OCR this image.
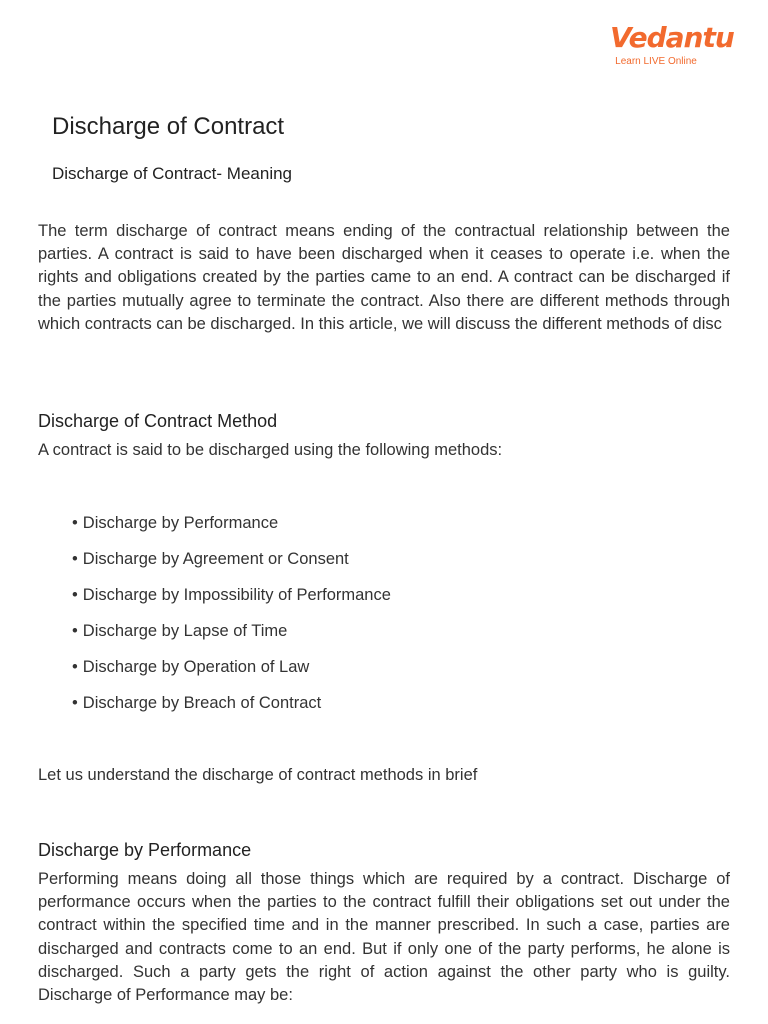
Vedantu
Learn LIVE Online
Discharge of Contract
Discharge of Contract- Meaning

The term discharge of contract means ending of the contractual relationship between the parties. A contract is said to have been discharged when it ceases to operate i.e. when the rights and obligations created by the parties came to an end. A contract can be discharged if the parties mutually agree to terminate the contract. Also there are different methods through which contracts can be discharged. In this article, we will discuss the different methods of disc

Discharge of Contract Method

A contract is said to be discharged using the following methods:

• Discharge by Performance
• Discharge by Agreement or Consent
• Discharge by Impossibility of Performance
• Discharge by Lapse of Time
• Discharge by Operation of Law
• Discharge by Breach of Contract

Let us understand the discharge of contract methods in brief

Discharge by Performance

Performing means doing all those things which are required by a contract. Discharge of performance occurs when the parties to the contract fulfill their obligations set out under the contract within the specified time and in the manner prescribed. In such a case, parties are discharged and contracts come to an end. But if only one of the party performs, he alone is discharged. Such a party gets the right of action against the other party who is guilty. Discharge of Performance may be:
